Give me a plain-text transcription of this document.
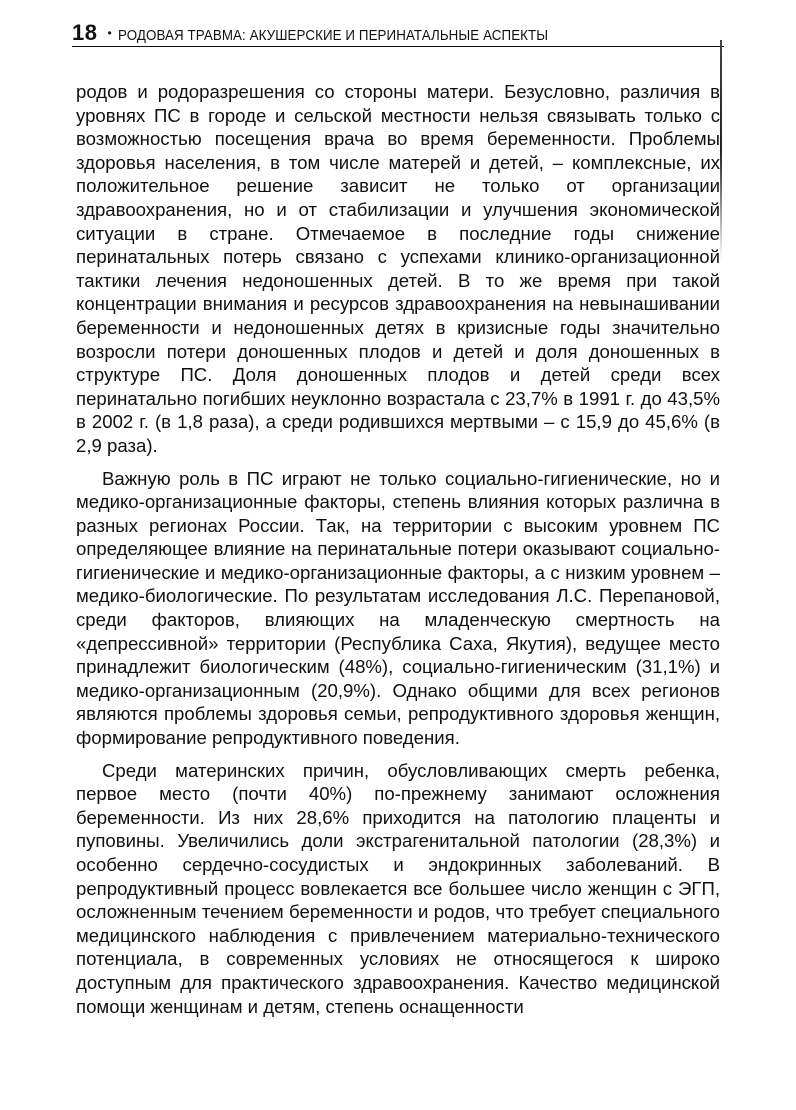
18 • РОДОВАЯ ТРАВМА: АКУШЕРСКИЕ И ПЕРИНАТАЛЬНЫЕ АСПЕКТЫ

родов и родоразрешения со стороны матери. Безусловно, различия в уровнях ПС в городе и сельской местности нельзя связывать только с возможностью посещения врача во время беременности. Проблемы здоровья населения, в том числе матерей и детей, – комплексные, их положительное решение зависит не только от организации здравоохранения, но и от стабилизации и улучшения экономической ситуации в стране. Отмечаемое в последние годы снижение перинатальных потерь связано с успехами клинико-организационной тактики лечения недоношенных детей. В то же время при такой концентрации внимания и ресурсов здравоохранения на невынашивании беременности и недоношенных детях в кризисные годы значительно возросли потери доношенных плодов и детей и доля доношенных в структуре ПС. Доля доношенных плодов и детей среди всех перинатально погибших неуклонно возрастала с 23,7% в 1991 г. до 43,5% в 2002 г. (в 1,8 раза), а среди родившихся мертвыми – с 15,9 до 45,6% (в 2,9 раза).

Важную роль в ПС играют не только социально-гигиенические, но и медико-организационные факторы, степень влияния которых различна в разных регионах России. Так, на территории с высоким уровнем ПС определяющее влияние на перинатальные потери оказывают социально-гигиенические и медико-организационные факторы, а с низким уровнем – медико-биологические. По результатам исследования Л.С. Перепановой, среди факторов, влияющих на младенческую смертность на «депрессивной» территории (Республика Саха, Якутия), ведущее место принадлежит биологическим (48%), социально-гигиеническим (31,1%) и медико-организационным (20,9%). Однако общими для всех регионов являются проблемы здоровья семьи, репродуктивного здоровья женщин, формирование репродуктивного поведения.

Среди материнских причин, обусловливающих смерть ребенка, первое место (почти 40%) по-прежнему занимают осложнения беременности. Из них 28,6% приходится на патологию плаценты и пуповины. Увеличились доли экстрагенитальной патологии (28,3%) и особенно сердечно-сосудистых и эндокринных заболеваний. В репродуктивный процесс вовлекается все большее число женщин с ЭГП, осложненным течением беременности и родов, что требует специального медицинского наблюдения с привлечением материально-технического потенциала, в современных условиях не относящегося к широко доступным для практического здравоохранения. Качество медицинской помощи женщинам и детям, степень оснащенности
